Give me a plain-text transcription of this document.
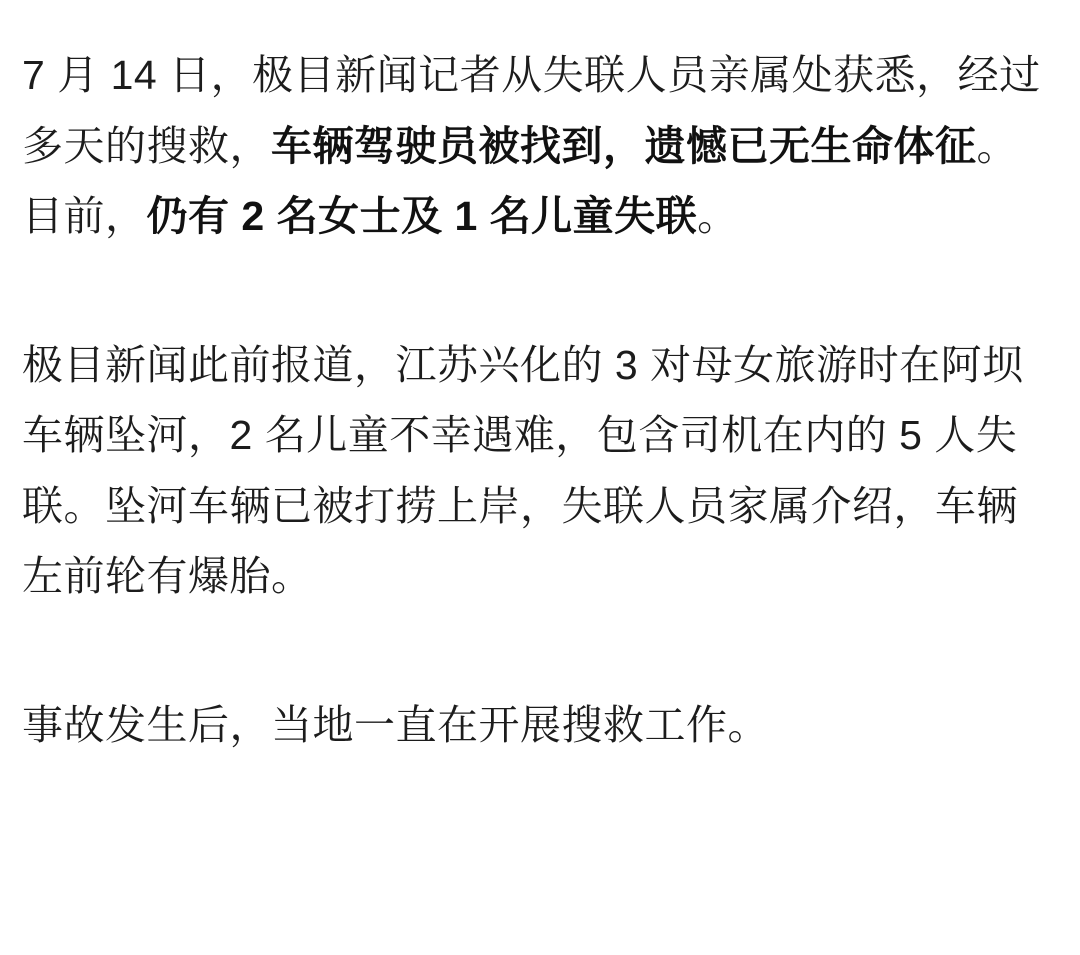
7 月 14 日，极目新闻记者从失联人员亲属处获悉，经过多天的搜救，车辆驾驶员被找到，遗憾已无生命体征。目前，仍有 2 名女士及 1 名儿童失联。

极目新闻此前报道，江苏兴化的 3 对母女旅游时在阿坝车辆坠河，2 名儿童不幸遇难，包含司机在内的 5 人失联。坠河车辆已被打捞上岸，失联人员家属介绍，车辆左前轮有爆胎。

事故发生后，当地一直在开展搜救工作。
